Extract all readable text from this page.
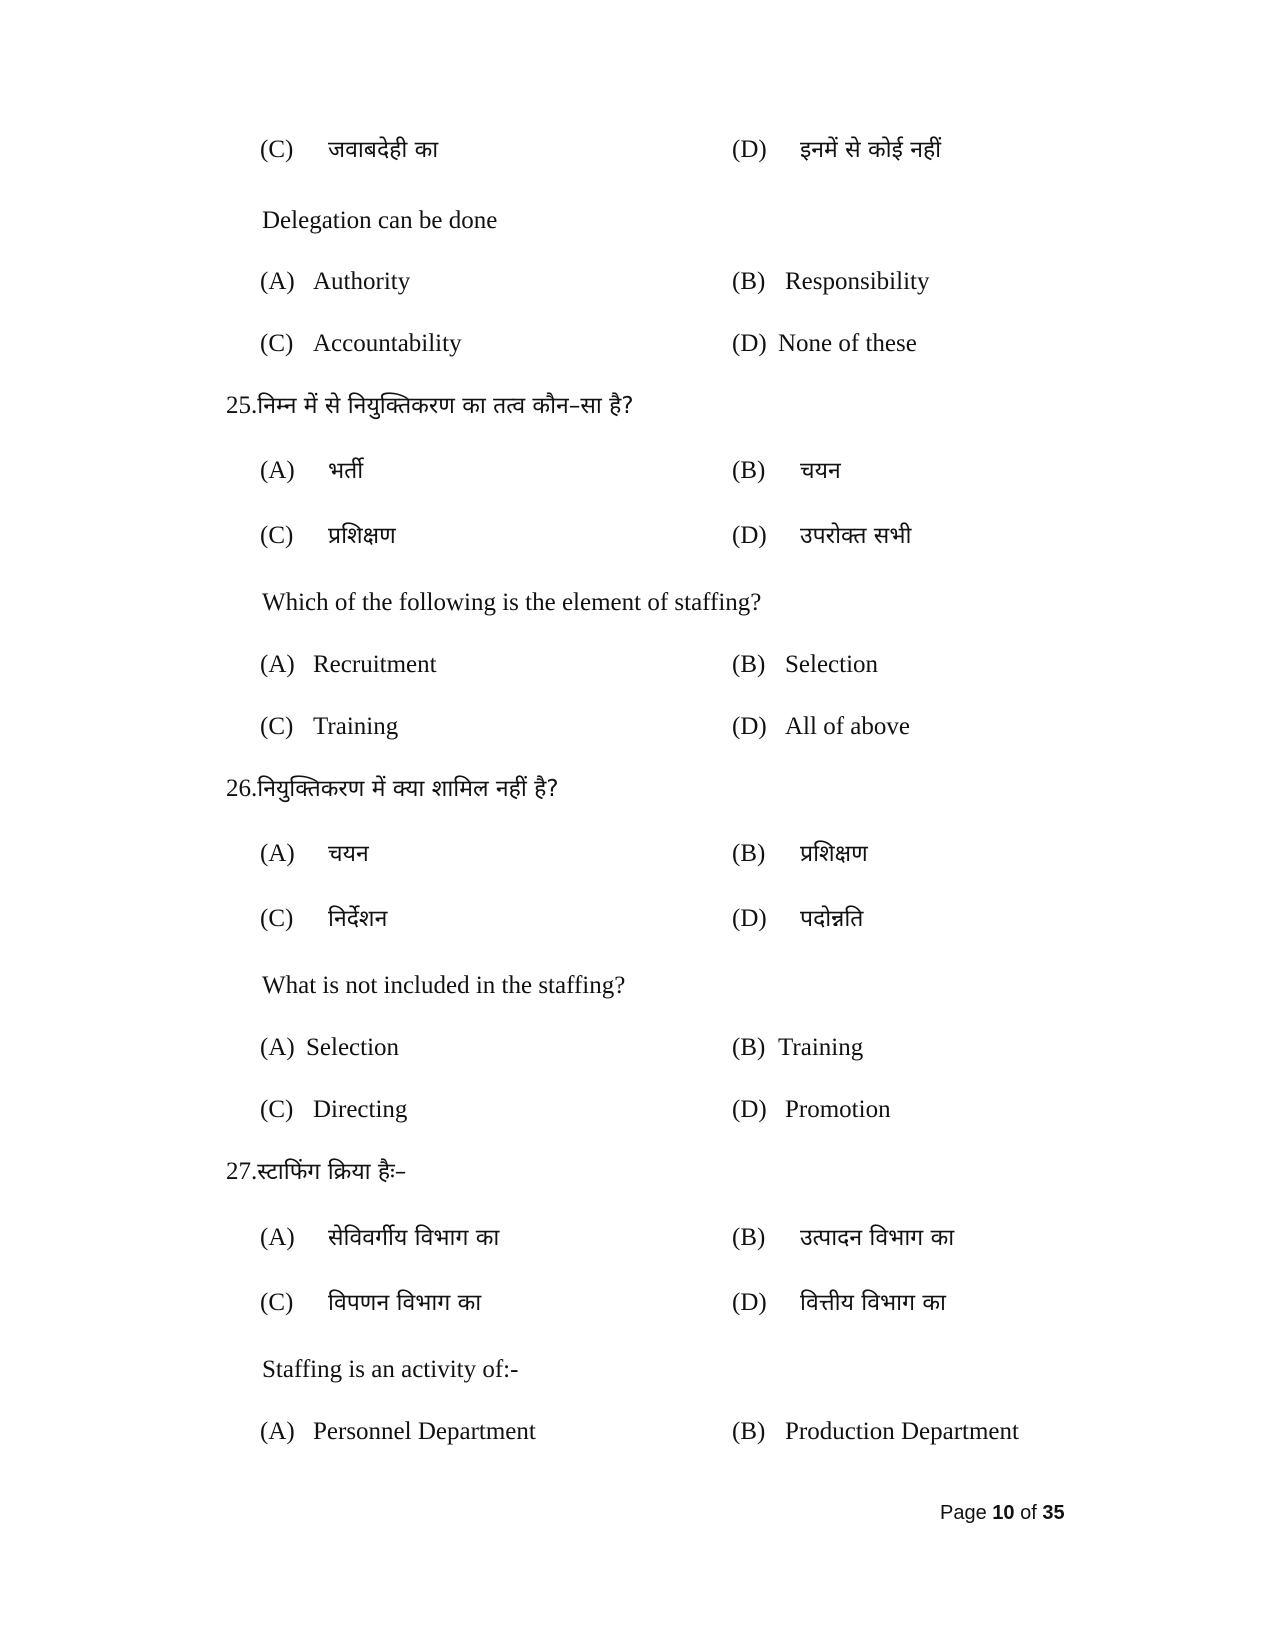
(C) जवाबदेही का	(D) इनमें से कोई नहीं
Delegation can be done
(A) Authority	(B) Responsibility
(C) Accountability	(D) None of these
25.निम्न में से नियुक्तिकरण का तत्व कौन–सा है?
(A) भर्ती	(B) चयन
(C) प्रशिक्षण	(D) उपरोक्त सभी
Which of the following is the element of staffing?
(A) Recruitment	(B) Selection
(C) Training	(D) All of above
26.नियुक्तिकरण में क्या शामिल नहीं है?
(A) चयन	(B) प्रशिक्षण
(C) निर्देशन	(D) पदोन्नति
What is not included in the staffing?
(A) Selection	(B) Training
(C) Directing	(D) Promotion
27.स्टाफिंग क्रिया हैः–
(A) सेविवर्गीय विभाग का	(B) उत्पादन विभाग का
(C) विपणन विभाग का	(D) वित्तीय विभाग का
Staffing is an activity of:-
(A) Personnel Department	(B) Production Department
Page 10 of 35
